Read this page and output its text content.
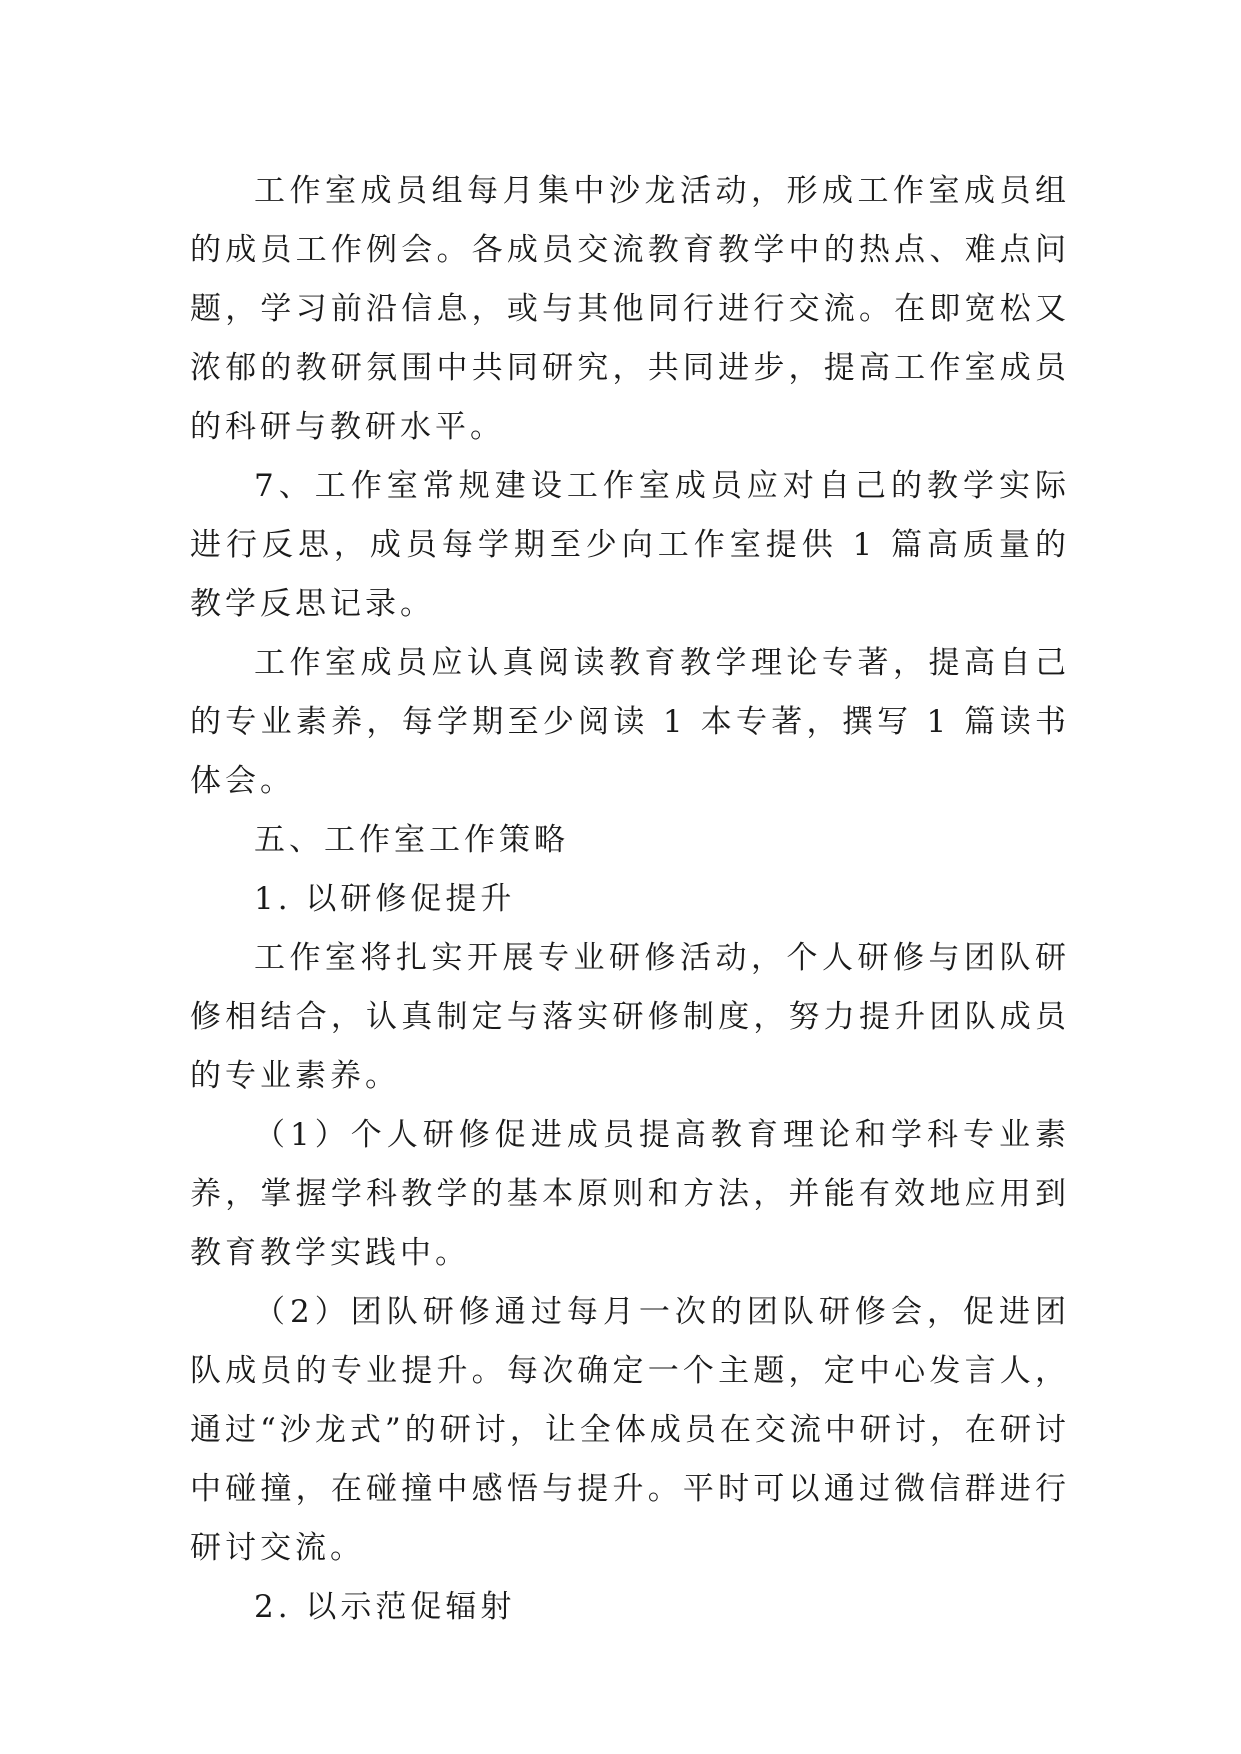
工作室成员组每月集中沙龙活动，形成工作室成员组的成员工作例会。各成员交流教育教学中的热点、难点问题，学习前沿信息，或与其他同行进行交流。在即宽松又浓郁的教研氛围中共同研究，共同进步，提高工作室成员的科研与教研水平。

7、工作室常规建设工作室成员应对自己的教学实际进行反思，成员每学期至少向工作室提供 1 篇高质量的教学反思记录。

工作室成员应认真阅读教育教学理论专著，提高自己的专业素养，每学期至少阅读 1 本专著，撰写 1 篇读书体会。

五、工作室工作策略

1. 以研修促提升

工作室将扎实开展专业研修活动，个人研修与团队研修相结合，认真制定与落实研修制度，努力提升团队成员的专业素养。

（1）个人研修促进成员提高教育理论和学科专业素养，掌握学科教学的基本原则和方法，并能有效地应用到教育教学实践中。

（2）团队研修通过每月一次的团队研修会，促进团队成员的专业提升。每次确定一个主题，定中心发言人，通过“沙龙式”的研讨，让全体成员在交流中研讨，在研讨中碰撞，在碰撞中感悟与提升。平时可以通过微信群进行研讨交流。

2. 以示范促辐射
